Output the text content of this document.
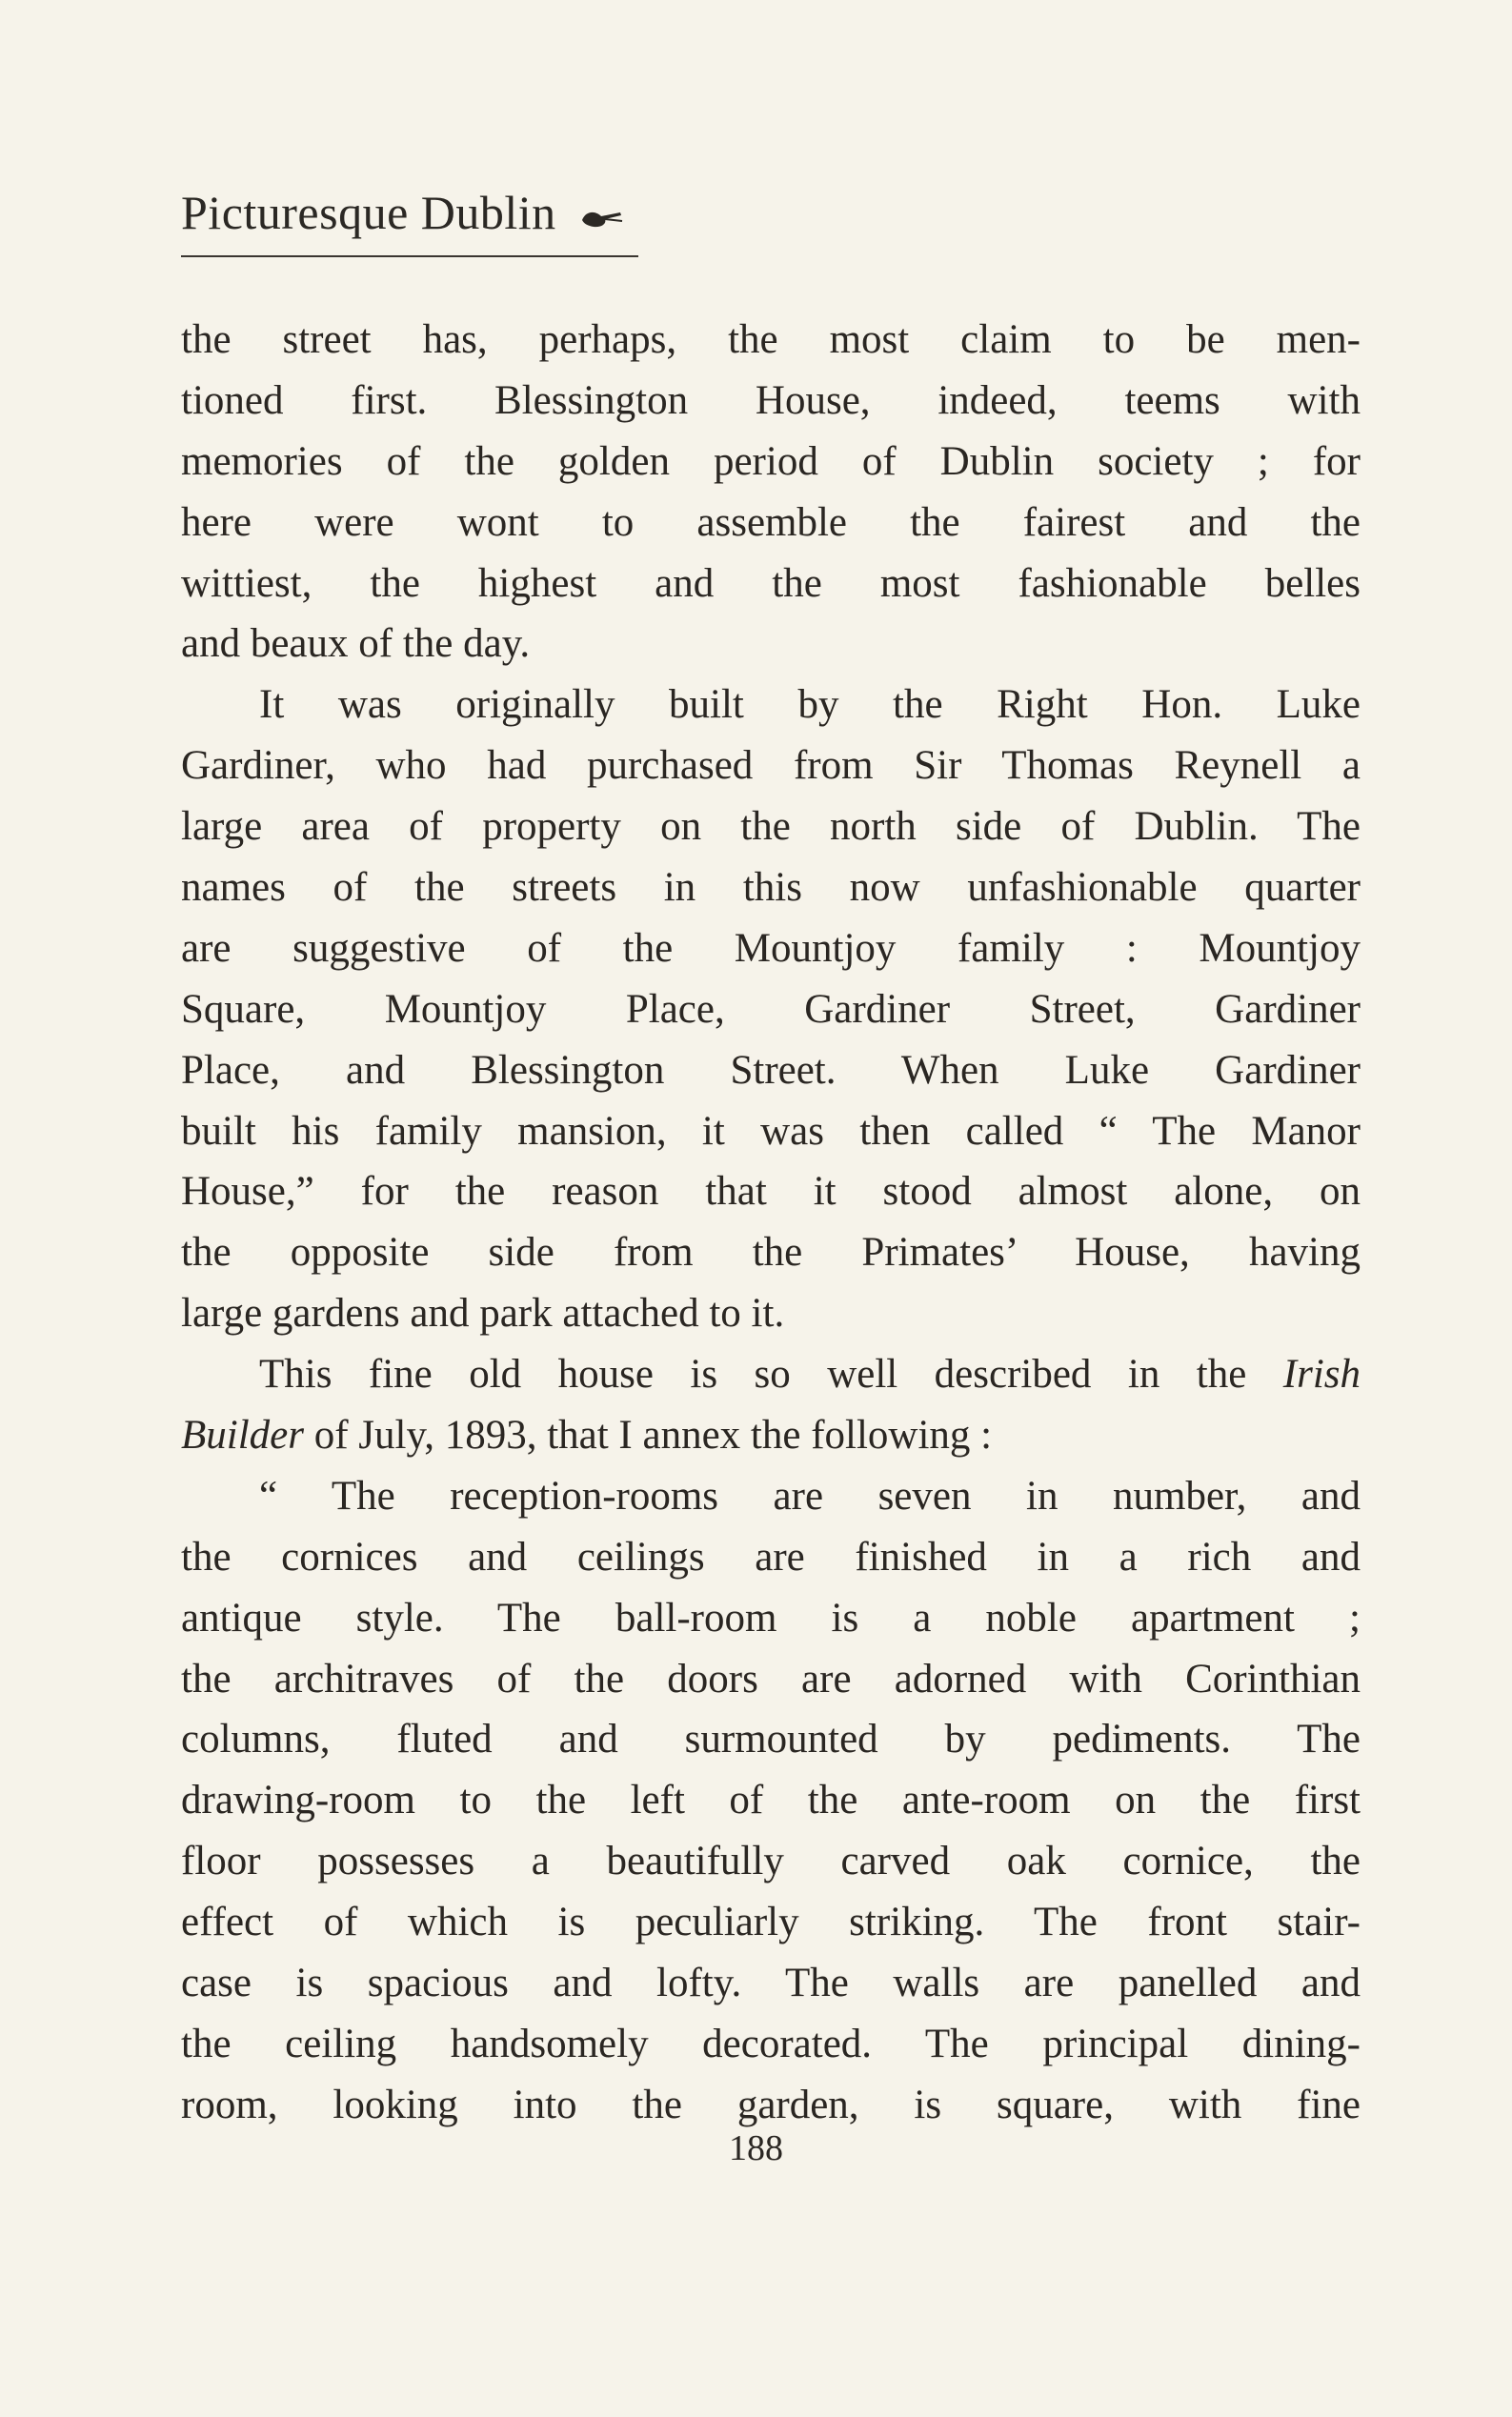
Picturesque Dublin
the street has, perhaps, the most claim to be men-
tioned first. Blessington House, indeed, teems with
memories of the golden period of Dublin society ; for
here were wont to assemble the fairest and the
wittiest, the highest and the most fashionable belles
and beaux of the day.
It was originally built by the Right Hon. Luke
Gardiner, who had purchased from Sir Thomas Reynell a
large area of property on the north side of Dublin. The
names of the streets in this now unfashionable quarter
are suggestive of the Mountjoy family : Mountjoy
Square, Mountjoy Place, Gardiner Street, Gardiner
Place, and Blessington Street. When Luke Gardiner
built his family mansion, it was then called “ The Manor
House,” for the reason that it stood almost alone, on
the opposite side from the Primates’ House, having
large gardens and park attached to it.
This fine old house is so well described in the Irish
Builder of July, 1893, that I annex the following :
“ The reception-rooms are seven in number, and
the cornices and ceilings are finished in a rich and
antique style. The ball-room is a noble apartment ;
the architraves of the doors are adorned with Corinthian
columns, fluted and surmounted by pediments. The
drawing-room to the left of the ante-room on the first
floor possesses a beautifully carved oak cornice, the
effect of which is peculiarly striking. The front stair-
case is spacious and lofty. The walls are panelled and
the ceiling handsomely decorated. The principal dining-
room, looking into the garden, is square, with fine
188
